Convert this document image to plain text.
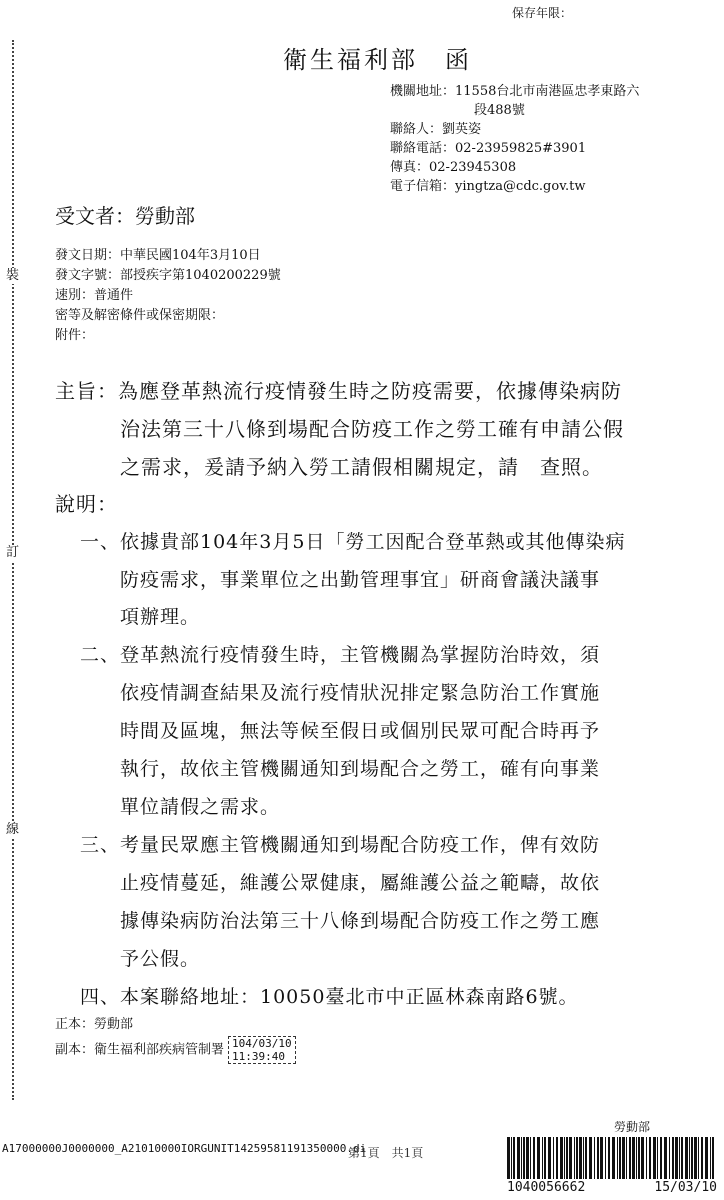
裝
訂
線
保存年限：
衛生福利部　函
機關地址： 11558台北市南港區忠孝東路六
段488號
聯絡人： 劉英姿
聯絡電話： 02-23959825#3901
傳真： 02-23945308
電子信箱： yingtza@cdc.gov.tw
受文者：勞動部
發文日期：中華民國104年3月10日
發文字號：部授疾字第1040200229號
速別：普通件
密等及解密條件或保密期限：
附件：
主旨：為應登革熱流行疫情發生時之防疫需要，依據傳染病防
治法第三十八條到場配合防疫工作之勞工確有申請公假
之需求，爰請予納入勞工請假相關規定，請　查照。
說明：
一、依據貴部104年3月5日「勞工因配合登革熱或其他傳染病
防疫需求，事業單位之出勤管理事宜」研商會議決議事
項辦理。
二、登革熱流行疫情發生時，主管機關為掌握防治時效，須
依疫情調查結果及流行疫情狀況排定緊急防治工作實施
時間及區塊，無法等候至假日或個別民眾可配合時再予
執行，故依主管機關通知到場配合之勞工，確有向事業
單位請假之需求。
三、考量民眾應主管機關通知到場配合防疫工作，俾有效防
止疫情蔓延，維護公眾健康，屬維護公益之範疇，故依
據傳染病防治法第三十八條到場配合防疫工作之勞工應
予公假。
四、本案聯絡地址：10050臺北市中正區林森南路6號。
正本：勞動部
副本：衛生福利部疾病管制署 104/03/10
11:39:40
A17000000J0000000_A21010000IORGUNIT14259581191350000.di
第1頁　共1頁
勞動部
1040056662	15/03/10
